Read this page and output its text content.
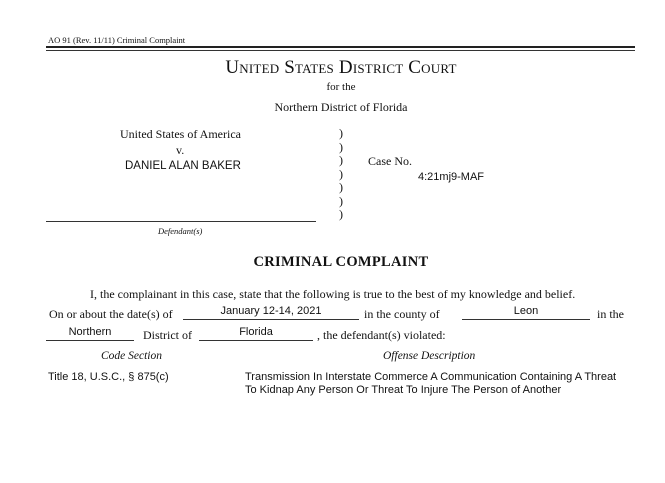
AO 91 (Rev. 11/11) Criminal Complaint
United States District Court
for the
Northern District of Florida
United States of America
v.
DANIEL ALAN BAKER
)
)
)
)
)
)
)
Case No.
4:21mj9-MAF
Defendant(s)
CRIMINAL COMPLAINT
I, the complainant in this case, state that the following is true to the best of my knowledge and belief.
On or about the date(s) of	January 12-14, 2021	in the county of	Leon	in the
Northern	District of	Florida	, the defendant(s) violated:
Code Section	Offense Description
Title 18, U.S.C., § 875(c)	Transmission In Interstate Commerce A Communication Containing A Threat
To Kidnap Any Person Or Threat To Injure The Person of Another
